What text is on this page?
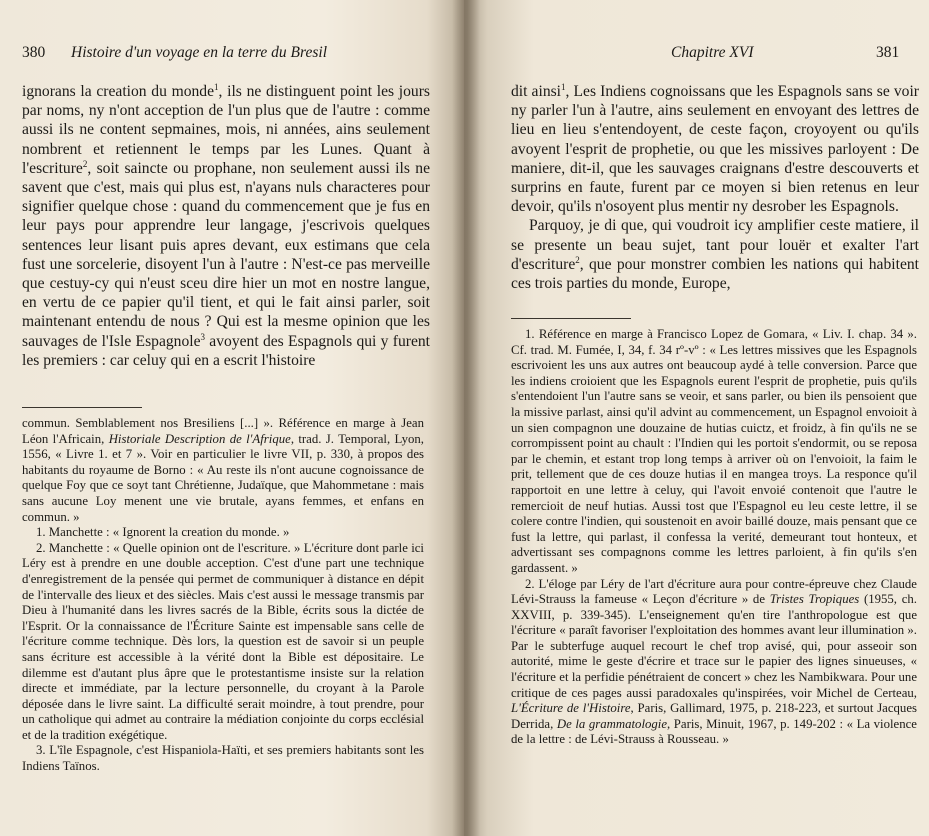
380 Histoire d'un voyage en la terre du Bresil

ignorans la creation du monde$^1$, ils ne distinguent point les jours par noms, ny n'ont acception de l'un plus que de l'autre : comme aussi ils ne content sepmaines, mois, ni années, ains seulement nombrent et retiennent le temps par les Lunes. Quant à l'escriture$^2$, soit saincte ou prophane, non seulement aussi ils ne savent que c'est, mais qui plus est, n'ayans nuls characteres pour signifier quelque chose : quand du commencement que je fus en leur pays pour apprendre leur langage, j'escrivois quelques sentences leur lisant puis apres devant, eux estimans que cela fust une sorcelerie, disoyent l'un à l'autre : N'est-ce pas merveille que cestuy-cy qui n'eust sceu dire hier un mot en nostre langue, en vertu de ce papier qu'il tient, et qui le fait ainsi parler, soit maintenant entendu de nous ? Qui est la mesme opinion que les sauvages de l'Isle Espagnole$^3$ avoyent des Espagnols qui y furent les premiers : car celuy qui en a escrit l'histoire

commun. Semblablement nos Bresiliens [...] ». Référence en marge à Jean Léon l'Africain, Historiale Description de l'Afrique, trad. J. Temporal, Lyon, 1556, « Livre 1. et 7 ». Voir en particulier le livre VII, p. 330, à propos des habitants du royaume de Borno : « Au reste ils n'ont aucune cognoissance de quelque Foy que ce soyt tant Chrétienne, Judaïque, que Mahommetane : mais sans aucune Loy menent une vie brutale, ayans femmes, et enfans en commun. »

1. Manchette : « Ignorent la creation du monde. »

2. Manchette : « Quelle opinion ont de l'escriture. » L'écriture dont parle ici Léry est à prendre en une double acception. C'est d'une part une technique d'enregistrement de la pensée qui permet de communiquer à distance en dépit de l'intervalle des lieux et des siècles. Mais c'est aussi le message transmis par Dieu à l'humanité dans les livres sacrés de la Bible, écrits sous la dictée de l'Esprit. Or la connaissance de l'Écriture Sainte est impensable sans celle de l'écriture comme technique. Dès lors, la question est de savoir si un peuple sans écriture est accessible à la vérité dont la Bible est dépositaire. Le dilemme est d'autant plus âpre que le protestantisme insiste sur la relation directe et immédiate, par la lecture personnelle, du croyant à la Parole déposée dans le livre saint. La difficulté serait moindre, à tout prendre, pour un catholique qui admet au contraire la médiation conjointe du corps ecclésial et de la tradition exégétique.

3. L'île Espagnole, c'est Hispaniola-Haïti, et ses premiers habitants sont les Indiens Taïnos.

Chapitre XVI	381

dit ainsi$^1$, Les Indiens cognoissans que les Espagnols sans se voir ny parler l'un à l'autre, ains seulement en envoyant des lettres de lieu en lieu s'entendoyent, de ceste façon, croyoyent ou qu'ils avoyent l'esprit de prophetie, ou que les missives parloyent : De maniere, dit-il, que les sauvages craignans d'estre descouverts et surprins en faute, furent par ce moyen si bien retenus en leur devoir, qu'ils n'osoyent plus mentir ny desrober les Espagnols.

Parquoy, je di que, qui voudroit icy amplifier ceste matiere, il se presente un beau sujet, tant pour louër et exalter l'art d'escriture$^2$, que pour monstrer combien les nations qui habitent ces trois parties du monde, Europe,

1. Référence en marge à Francisco Lopez de Gomara, « Liv. I. chap. 34 ». Cf. trad. M. Fumée, I, 34, f. 34 rº-vº : « Les lettres missives que les Espagnols escrivoient les uns aux autres ont beaucoup aydé à telle conversion. Parce que les indiens croioient que les Espagnols eurent l'esprit de prophetie, puis qu'ils s'entendoient l'un l'autre sans se veoir, et sans parler, ou bien ils pensoient que la missive parlast, ainsi qu'il advint au commencement, un Espagnol envoioit à un sien compagnon une douzaine de hutias cuictz, et froidz, à fin qu'ils ne se corrompissent point au chault : l'Indien qui les portoit s'endormit, ou se reposa par le chemin, et estant trop long temps à arriver où on l'envoioit, la faim le prit, tellement que de ces douze hutias il en mangea troys. La responce qu'il rapportoit en une lettre à celuy, qui l'avoit envoié contenoit que l'autre le remercioit de neuf hutias. Aussi tost que l'Espagnol eu leu ceste lettre, il se colere contre l'indien, qui soustenoit en avoir baillé douze, mais pensant que ce fust la lettre, qui parlast, il confessa la verité, demeurant tout honteux, et advertissant ses compagnons comme les lettres parloient, à fin qu'ils s'en gardassent. »

2. L'éloge par Léry de l'art d'écriture aura pour contre-épreuve chez Claude Lévi-Strauss la fameuse « Leçon d'écriture » de Tristes Tropiques (1955, ch. XXVIII, p. 339-345). L'enseignement qu'en tire l'anthropologue est que l'écriture « paraît favoriser l'exploitation des hommes avant leur illumination ». Par le subterfuge auquel recourt le chef trop avisé, qui, pour asseoir son autorité, mime le geste d'écrire et trace sur le papier des lignes sinueuses, « l'écriture et la perfidie pénétraient de concert » chez les Nambikwara. Pour une critique de ces pages aussi paradoxales qu'inspirées, voir Michel de Certeau, L'Écriture de l'Histoire, Paris, Gallimard, 1975, p. 218-223, et surtout Jacques Derrida, De la grammatologie, Paris, Minuit, 1967, p. 149-202 : « La violence de la lettre : de Lévi-Strauss à Rousseau. »
